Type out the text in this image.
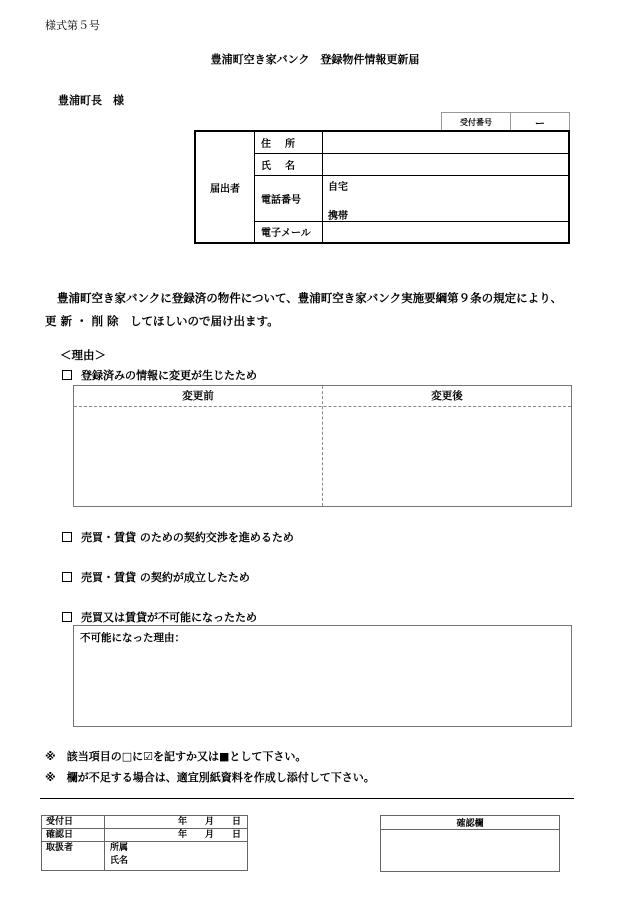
様式第５号
豊浦町空き家バンク　登録物件情報更新届
豊浦町長　様
受付番号	ー
届出者	住所	
	氏名	
	電話番号	自宅
携帯

	電子メール	
豊浦町空き家バンクに登録済の物件について、豊浦町空き家バンク実施要綱第９条の規定により、　更 新 ・ 削 除　してほしいので届け出ます。
＜理由＞
登録済みの情報に変更が生じたため
変更前	変更後
売買・賃貸 のための契約交渉を進めるため
売買・賃貸 の契約が成立したため
売買又は賃貸が不可能になったため
不可能になった理由：
※　該当項目の□に☑を記すか又は■として下さい。
※　欄が不足する場合は、適宜別紙資料を作成し添付して下さい。
受付日	年　　月　　日
確認日	年　　月　　日
取扱者	所属
氏名
確認欄
